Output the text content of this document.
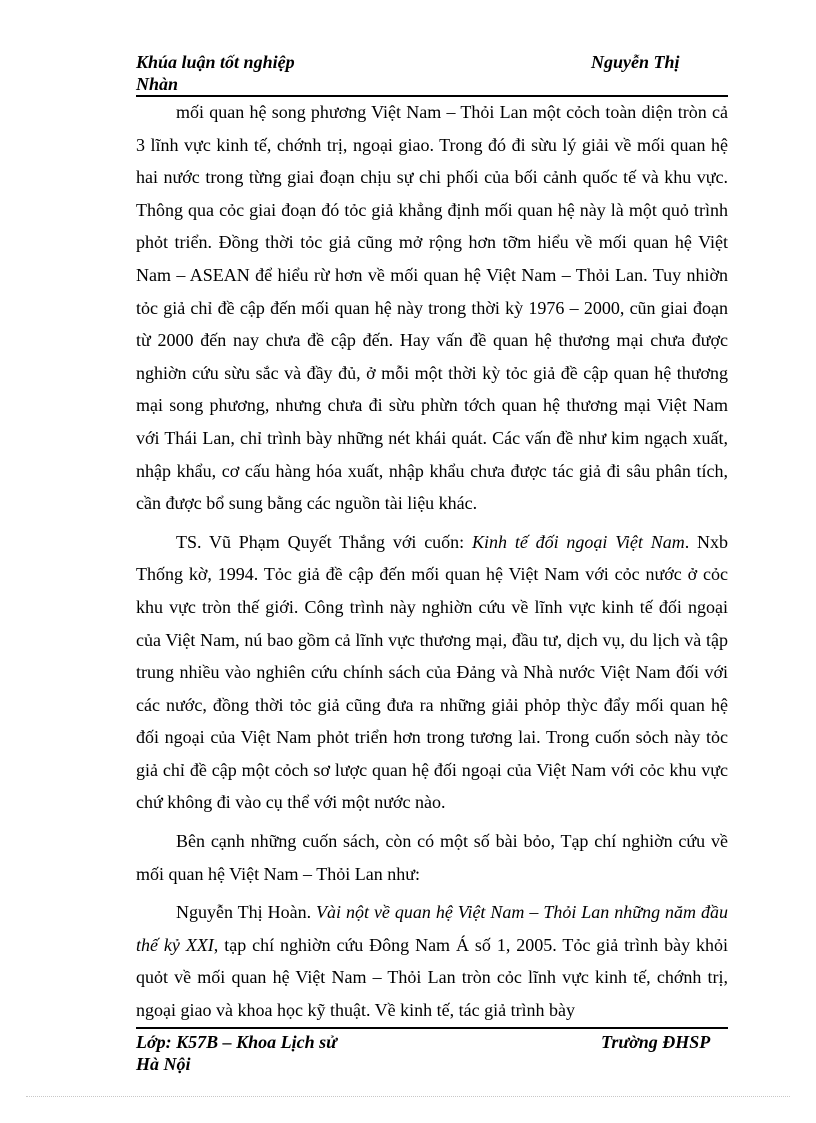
Khúa luận tốt nghiệp	Nguyễn Thị
Nhàn

mối quan hệ song phương Việt Nam – Thỏi Lan một cỏch toàn diện tròn cả 3 lĩnh vực kinh tế, chớnh trị, ngoại giao. Trong đó đi sừu lý giải về mối quan hệ hai nước trong từng giai đoạn chịu sự chi phối của bối cảnh quốc tế và khu vực. Thông qua cỏc giai đoạn đó tỏc giả khẳng định mối quan hệ này là một quỏ trình phỏt triển. Đồng thời tỏc giả cũng mở rộng hơn tỡm hiểu về mối quan hệ Việt Nam – ASEAN để hiểu rừ hơn về mối quan hệ Việt Nam – Thỏi Lan. Tuy nhiờn tỏc giả chỉ đề cập đến mối quan hệ này trong thời kỳ 1976 – 2000, cũn giai đoạn từ 2000 đến nay chưa đề cập đến. Hay vấn đề quan hệ thương mại chưa được nghiờn cứu sừu sắc và đầy đủ, ở mỗi một thời kỳ tỏc giả đề cập quan hệ thương mại song phương, nhưng chưa đi sừu phừn tớch quan hệ thương mại Việt Nam với Thái Lan, chỉ trình bày những nét khái quát. Các vấn đề như kim ngạch xuất, nhập khẩu, cơ cấu hàng hóa xuất, nhập khẩu chưa được tác giả đi sâu phân tích, cần được bổ sung bằng các nguồn tài liệu khác.

TS. Vũ Phạm Quyết Thắng với cuốn: Kinh tế đối ngoại Việt Nam. Nxb Thống kờ, 1994. Tỏc giả đề cập đến mối quan hệ Việt Nam với cỏc nước ở cỏc khu vực tròn thế giới. Công trình này nghiờn cứu về lĩnh vực kinh tế đối ngoại của Việt Nam, nú bao gồm cả lĩnh vực thương mại, đầu tư, dịch vụ, du lịch và tập trung nhiều vào nghiên cứu chính sách của Đảng và Nhà nước Việt Nam đối với các nước, đồng thời tỏc giả cũng đưa ra những giải phỏp thỳc đẩy mối quan hệ đối ngoại của Việt Nam phỏt triển hơn trong tương lai. Trong cuốn sỏch này tỏc giả chỉ đề cập một cỏch sơ lược quan hệ đối ngoại của Việt Nam với cỏc khu vực chứ không đi vào cụ thể với một nước nào.

Bên cạnh những cuốn sách, còn có một số bài bỏo, Tạp chí nghiờn cứu về mối quan hệ Việt Nam – Thỏi Lan như:

Nguyễn Thị Hoàn. Vài nột về quan hệ Việt Nam – Thỏi Lan những năm đầu thế kỷ XXI, tạp chí nghiờn cứu Đông Nam Á số 1, 2005. Tỏc giả trình bày khỏi quỏt về mối quan hệ Việt Nam – Thỏi Lan tròn cỏc lĩnh vực kinh tế, chớnh trị, ngoại giao và khoa học kỹ thuật. Về kinh tế, tác giả trình bày

Lớp: K57B – Khoa Lịch sử	Trường ĐHSP
Hà Nội
